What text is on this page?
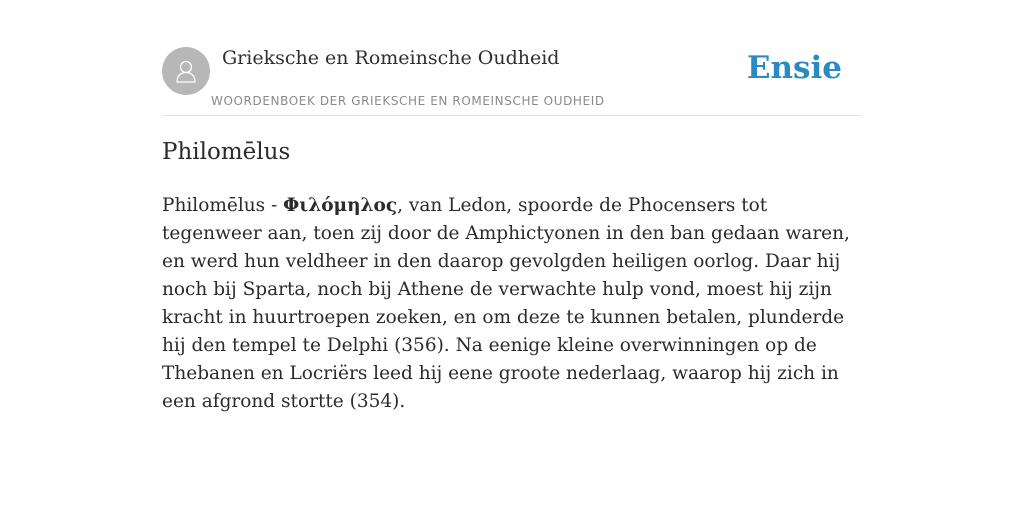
Grieksche en Romeinsche Oudheid
WOORDENBOEK DER GRIEKSCHE EN ROMEINSCHE OUDHEID
Ensie
Philomēlus

Philomēlus - Φιλόμηλος, van Ledon, spoorde de Phocensers tot tegenweer aan, toen zij door de Amphictyonen in den ban gedaan waren, en werd hun veldheer in den daarop gevolgden heiligen oorlog. Daar hij noch bij Sparta, noch bij Athene de verwachte hulp vond, moest hij zijn kracht in huurtroepen zoeken, en om deze te kunnen betalen, plunderde hij den tempel te Delphi (356). Na eenige kleine overwinningen op de Thebanen en Locriërs leed hij eene groote nederlaag, waarop hij zich in een afgrond stortte (354).
